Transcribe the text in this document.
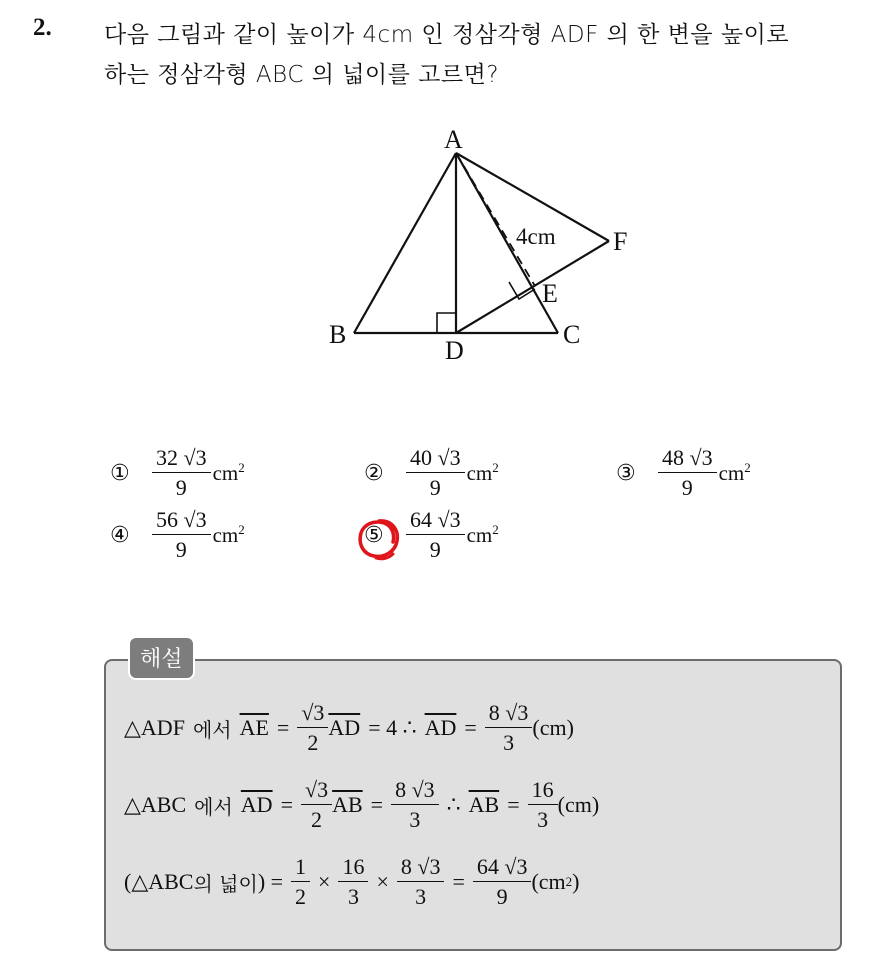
2. 다음 그림과 같이 높이가 4cm 인 정삼각형 ADF 의 한 변을 높이로
하는 정삼각형 ABC 의 넓이를 고르면?
A
B	C
D
E
F
4cm
①	$\frac{32 √3}{9} cm^2$	②	$\frac{40 √3}{9} cm^2$	③	$\frac{48 √3}{9} cm^2$
④	$\frac{56 √3}{9} cm^2$	⑤	$\frac{64 √3}{9} cm^2$
해설
△ADF 에서 $\overline{AE} = \frac{√3}{2} \overline{AD} = 4$ ∴ $\overline{AD} = \frac{8 √3}{3} (cm)$
△ABC 에서 $\overline{AD} = \frac{√3}{2} \overline{AB} = \frac{8 √3}{3}$ ∴ $\overline{AB} = \frac{16}{3} (cm)$
(△ABC 의 넓이 ) = $\frac{1}{2} \times \frac{16}{3} \times \frac{8 √3}{3} = \frac{64 √3}{9} (cm$ 2 )
